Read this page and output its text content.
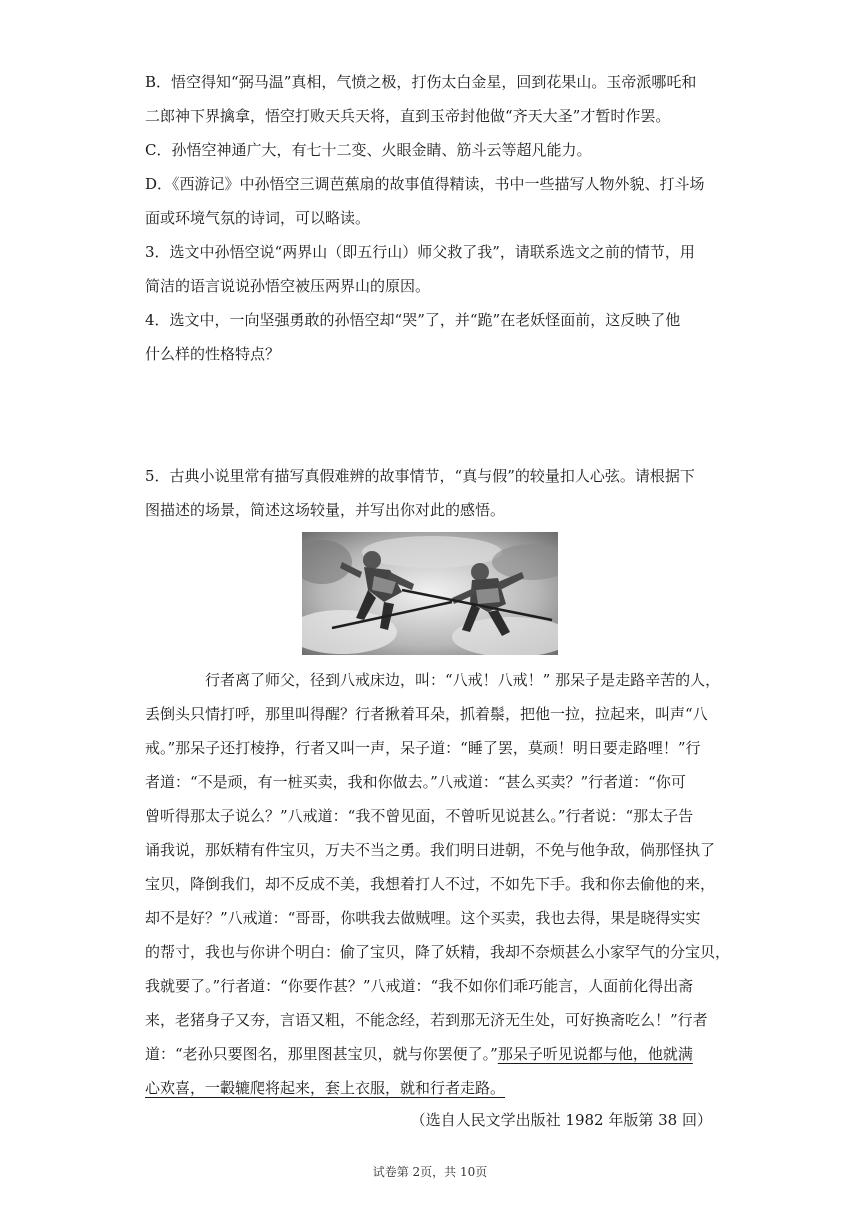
B．悟空得知“弼马温”真相，气愤之极，打伤太白金星，回到花果山。玉帝派哪吒和
二郎神下界擒拿，悟空打败天兵天将，直到玉帝封他做“齐天大圣”才暂时作罢。
C．孙悟空神通广大，有七十二变、火眼金睛、筋斗云等超凡能力。
D．《西游记》中孙悟空三调芭蕉扇的故事值得精读，书中一些描写人物外貌、打斗场
面或环境气氛的诗词，可以略读。
3．选文中孙悟空说“两界山（即五行山）师父救了我”，请联系选文之前的情节，用
简洁的语言说说孙悟空被压两界山的原因。
4．选文中，一向坚强勇敢的孙悟空却“哭”了，并“跪”在老妖怪面前，这反映了他
什么样的性格特点？
5．古典小说里常有描写真假难辨的故事情节，“真与假”的较量扣人心弦。请根据下
图描述的场景，简述这场较量，并写出你对此的感悟。
行者离了师父，径到八戒床边，叫：“八戒！八戒！” 那呆子是走路辛苦的人，
丢倒头只情打呼，那里叫得醒？行者揪着耳朵，抓着鬃，把他一拉，拉起来，叫声“八
戒。”那呆子还打棱挣，行者又叫一声，呆子道：“睡了罢，莫顽！明日要走路哩！”行
者道：“不是顽，有一桩买卖，我和你做去。”八戒道：“甚么买卖？”行者道：“你可
曾听得那太子说么？”八戒道：“我不曾见面，不曾听见说甚么。”行者说：“那太子告
诵我说，那妖精有件宝贝，万夫不当之勇。我们明日进朝，不免与他争敌，倘那怪执了
宝贝，降倒我们，却不反成不美，我想着打人不过，不如先下手。我和你去偷他的来，
却不是好？”八戒道：“哥哥，你哄我去做贼哩。这个买卖，我也去得，果是晓得实实
的帮寸，我也与你讲个明白：偷了宝贝，降了妖精，我却不奈烦甚么小家罕气的分宝贝，
我就要了。”行者道：“你要作甚？”八戒道：“我不如你们乖巧能言，人面前化得出斋
来，老猪身子又夯，言语又粗，不能念经，若到那无济无生处，可好换斋吃么！”行者
道：“老孙只要图名，那里图甚宝贝，就与你罢便了。”那呆子听见说都与他，他就满
心欢喜，一轂辘爬将起来，套上衣服，就和行者走路。
（选自人民文学出版社 1982 年版第 38 回）
试卷第 2页，共 10页
